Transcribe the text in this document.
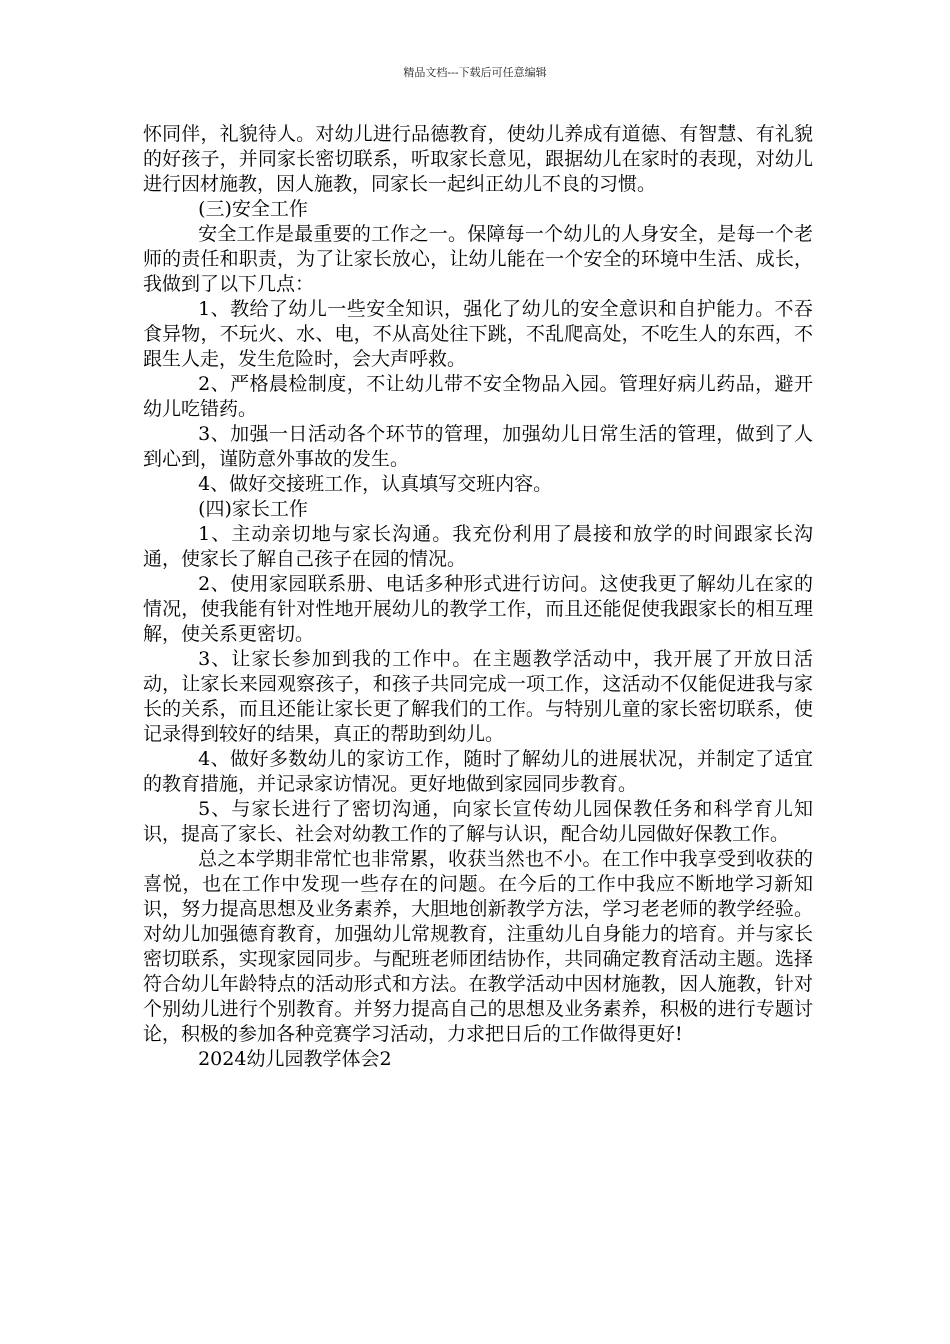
精品文档---下载后可任意编辑

怀同伴，礼貌待人。对幼儿进行品德教育，使幼儿养成有道德、有智慧、有礼貌的好孩子，并同家长密切联系，听取家长意见，跟据幼儿在家时的表现，对幼儿进行因材施教，因人施教，同家长一起纠正幼儿不良的习惯。

(三)安全工作

安全工作是最重要的工作之一。保障每一个幼儿的人身安全，是每一个老师的责任和职责，为了让家长放心，让幼儿能在一个安全的环境中生活、成长，我做到了以下几点：

1、教给了幼儿一些安全知识，强化了幼儿的安全意识和自护能力。不吞食异物，不玩火、水、电，不从高处往下跳，不乱爬高处，不吃生人的东西，不跟生人走，发生危险时，会大声呼救。

2、严格晨检制度，不让幼儿带不安全物品入园。管理好病儿药品，避开幼儿吃错药。

3、加强一日活动各个环节的管理，加强幼儿日常生活的管理，做到了人到心到，谨防意外事故的发生。

4、做好交接班工作，认真填写交班内容。

(四)家长工作

1、主动亲切地与家长沟通。我充份利用了晨接和放学的时间跟家长沟通，使家长了解自己孩子在园的情况。

2、使用家园联系册、电话多种形式进行访问。这使我更了解幼儿在家的情况，使我能有针对性地开展幼儿的教学工作，而且还能促使我跟家长的相互理解，使关系更密切。

3、让家长参加到我的工作中。在主题教学活动中，我开展了开放日活动，让家长来园观察孩子，和孩子共同完成一项工作，这活动不仅能促进我与家长的关系，而且还能让家长更了解我们的工作。与特别儿童的家长密切联系，使记录得到较好的结果，真正的帮助到幼儿。

4、做好多数幼儿的家访工作，随时了解幼儿的进展状况，并制定了适宜的教育措施，并记录家访情况。更好地做到家园同步教育。

5、与家长进行了密切沟通，向家长宣传幼儿园保教任务和科学育儿知识，提高了家长、社会对幼教工作的了解与认识，配合幼儿园做好保教工作。

总之本学期非常忙也非常累，收获当然也不小。在工作中我享受到收获的喜悦，也在工作中发现一些存在的问题。在今后的工作中我应不断地学习新知识，努力提高思想及业务素养，大胆地创新教学方法，学习老老师的教学经验。对幼儿加强德育教育，加强幼儿常规教育，注重幼儿自身能力的培育。并与家长密切联系，实现家园同步。与配班老师团结协作，共同确定教育活动主题。选择符合幼儿年龄特点的活动形式和方法。在教学活动中因材施教，因人施教，针对个别幼儿进行个别教育。并努力提高自己的思想及业务素养，积极的进行专题讨论，积极的参加各种竞赛学习活动，力求把日后的工作做得更好!

2024幼儿园教学体会2
